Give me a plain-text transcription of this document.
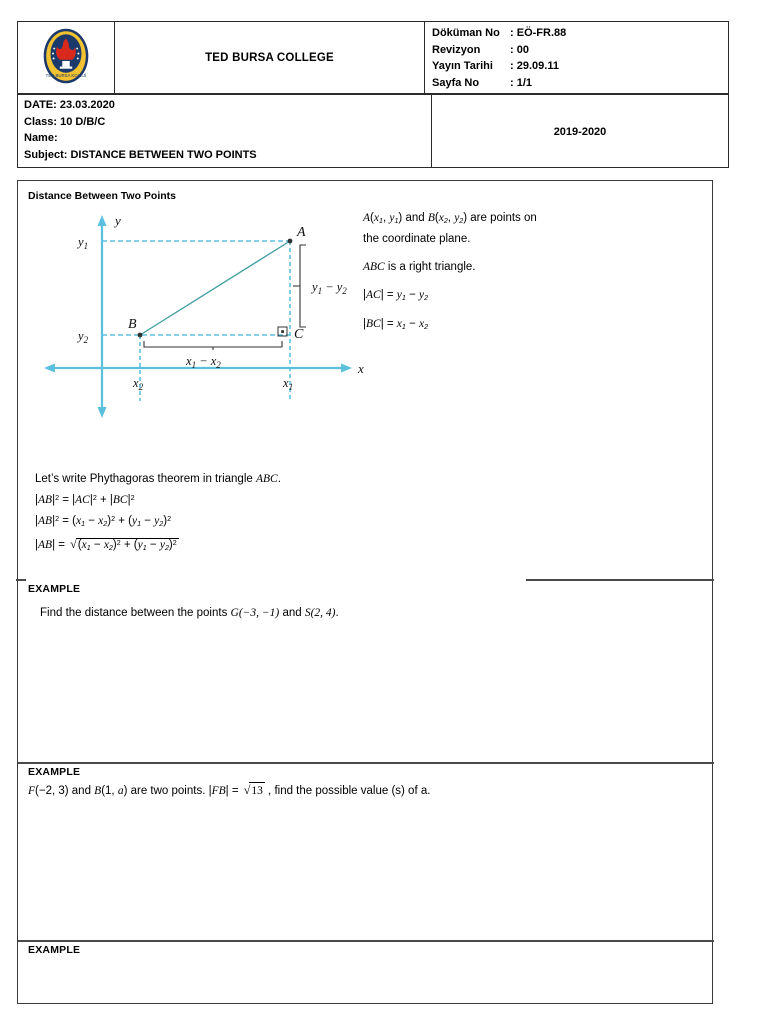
TED BURSA KOLEJİ

TED BURSA COLLEGE

Döküman No : EÖ-FR.88
Revizyon	: 00
Yayın Tarihi : 29.09.11
Sayfa No	: 1/1
DATE: 23.03.2020
Class: 10 D/B/C
Name:
Subject: DISTANCE BETWEEN TWO POINTS
	2019-2020
Distance Between Two Points
y
x
A
B
C
$y_1$
$y_2$
$x_2$	$x_1$
$y_1 - y_2$
$x_1 - x_2$

$A(x_1$, $y_1$) and $B(x_2$, $y_2$) are points on the coordinate plane.

ABC is a right triangle.

$|AC| = y_1 - y_2$

$|BC| = x_1 - x_2$

Let’s write Phythagoras theorem in triangle ABC.
$|AB|^2 = |AC|^2 + |BC|^2$
$|AB|^2 = (x_1 - x_2)^2 + (y_1 - y_2)^2$
$|AB| = √(x_1 - x_2)^2 + (y_1 - y_2)^2$
EXAMPLE
Find the distance between the points G(−3, −1) and S(2, 4).
EXAMPLE
F(−2, 3) and B(1, a) are two points. |FB| = √13 , find the possible value (s) of a.
EXAMPLE
